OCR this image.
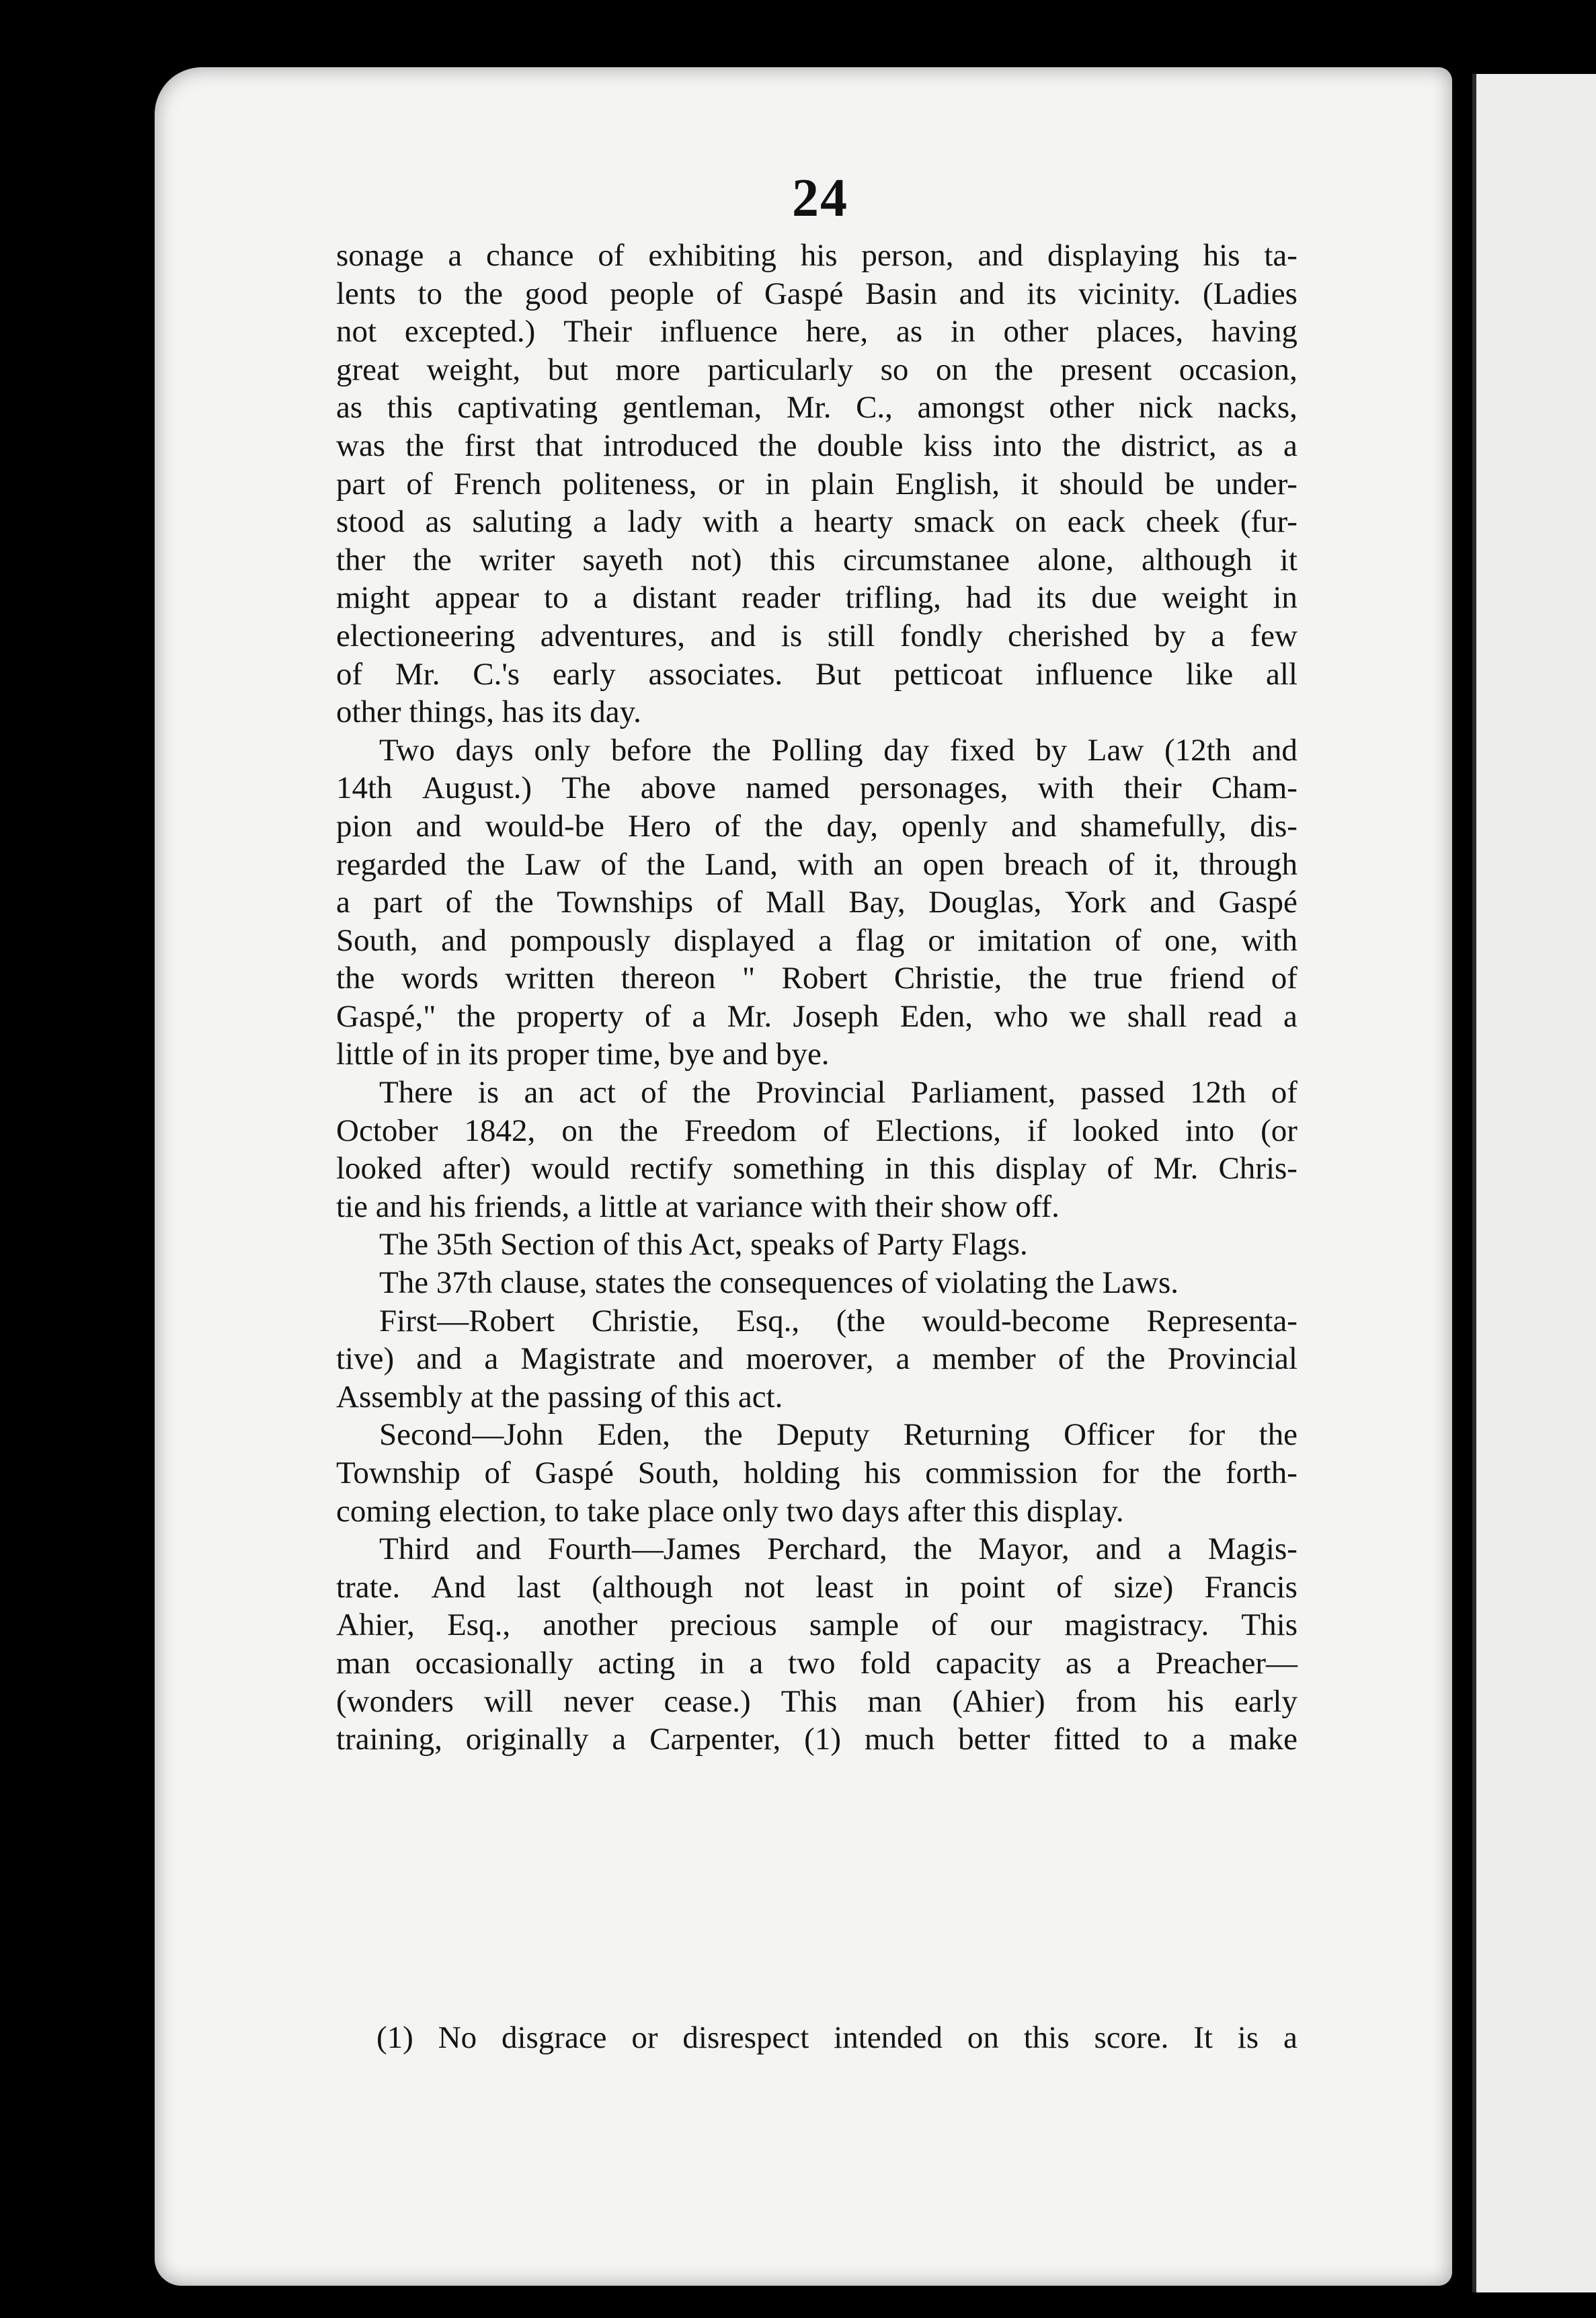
24
sonage a chance of exhibiting his person, and displaying his ta-
lents to the good people of Gaspé Basin and its vicinity. (Ladies
not excepted.) Their influence here, as in other places, having
great weight, but more particularly so on the present occasion,
as this captivating gentleman, Mr. C., amongst other nick nacks,
was the first that introduced the double kiss into the district, as a
part of French politeness, or in plain English, it should be under-
stood as saluting a lady with a hearty smack on eack cheek (fur-
ther the writer sayeth not) this circumstanee alone, although it
might appear to a distant reader trifling, had its due weight in
electioneering adventures, and is still fondly cherished by a few
of Mr. C.'s early associates. But petticoat influence like all
other things, has its day.
Two days only before the Polling day fixed by Law (12th and
14th August.) The above named personages, with their Cham-
pion and would-be Hero of the day, openly and shamefully, dis-
regarded the Law of the Land, with an open breach of it, through
a part of the Townships of Mall Bay, Douglas, York and Gaspé
South, and pompously displayed a flag or imitation of one, with
the words written thereon " Robert Christie, the true friend of
Gaspé," the property of a Mr. Joseph Eden, who we shall read a
little of in its proper time, bye and bye.
There is an act of the Provincial Parliament, passed 12th of
October 1842, on the Freedom of Elections, if looked into (or
looked after) would rectify something in this display of Mr. Chris-
tie and his friends, a little at variance with their show off.
The 35th Section of this Act, speaks of Party Flags.
The 37th clause, states the consequences of violating the Laws.
First—Robert Christie, Esq., (the would-become Representa-
tive) and a Magistrate and moerover, a member of the Provincial
Assembly at the passing of this act.
Second—John Eden, the Deputy Returning Officer for the
Township of Gaspé South, holding his commission for the forth-
coming election, to take place only two days after this display.
Third and Fourth—James Perchard, the Mayor, and a Magis-
trate. And last (although not least in point of size) Francis
Ahier, Esq., another precious sample of our magistracy. This
man occasionally acting in a two fold capacity as a Preacher—
(wonders will never cease.) This man (Ahier) from his early
training, originally a Carpenter, (1) much better fitted to a make
(1) No disgrace or disrespect intended on this score. It is a
